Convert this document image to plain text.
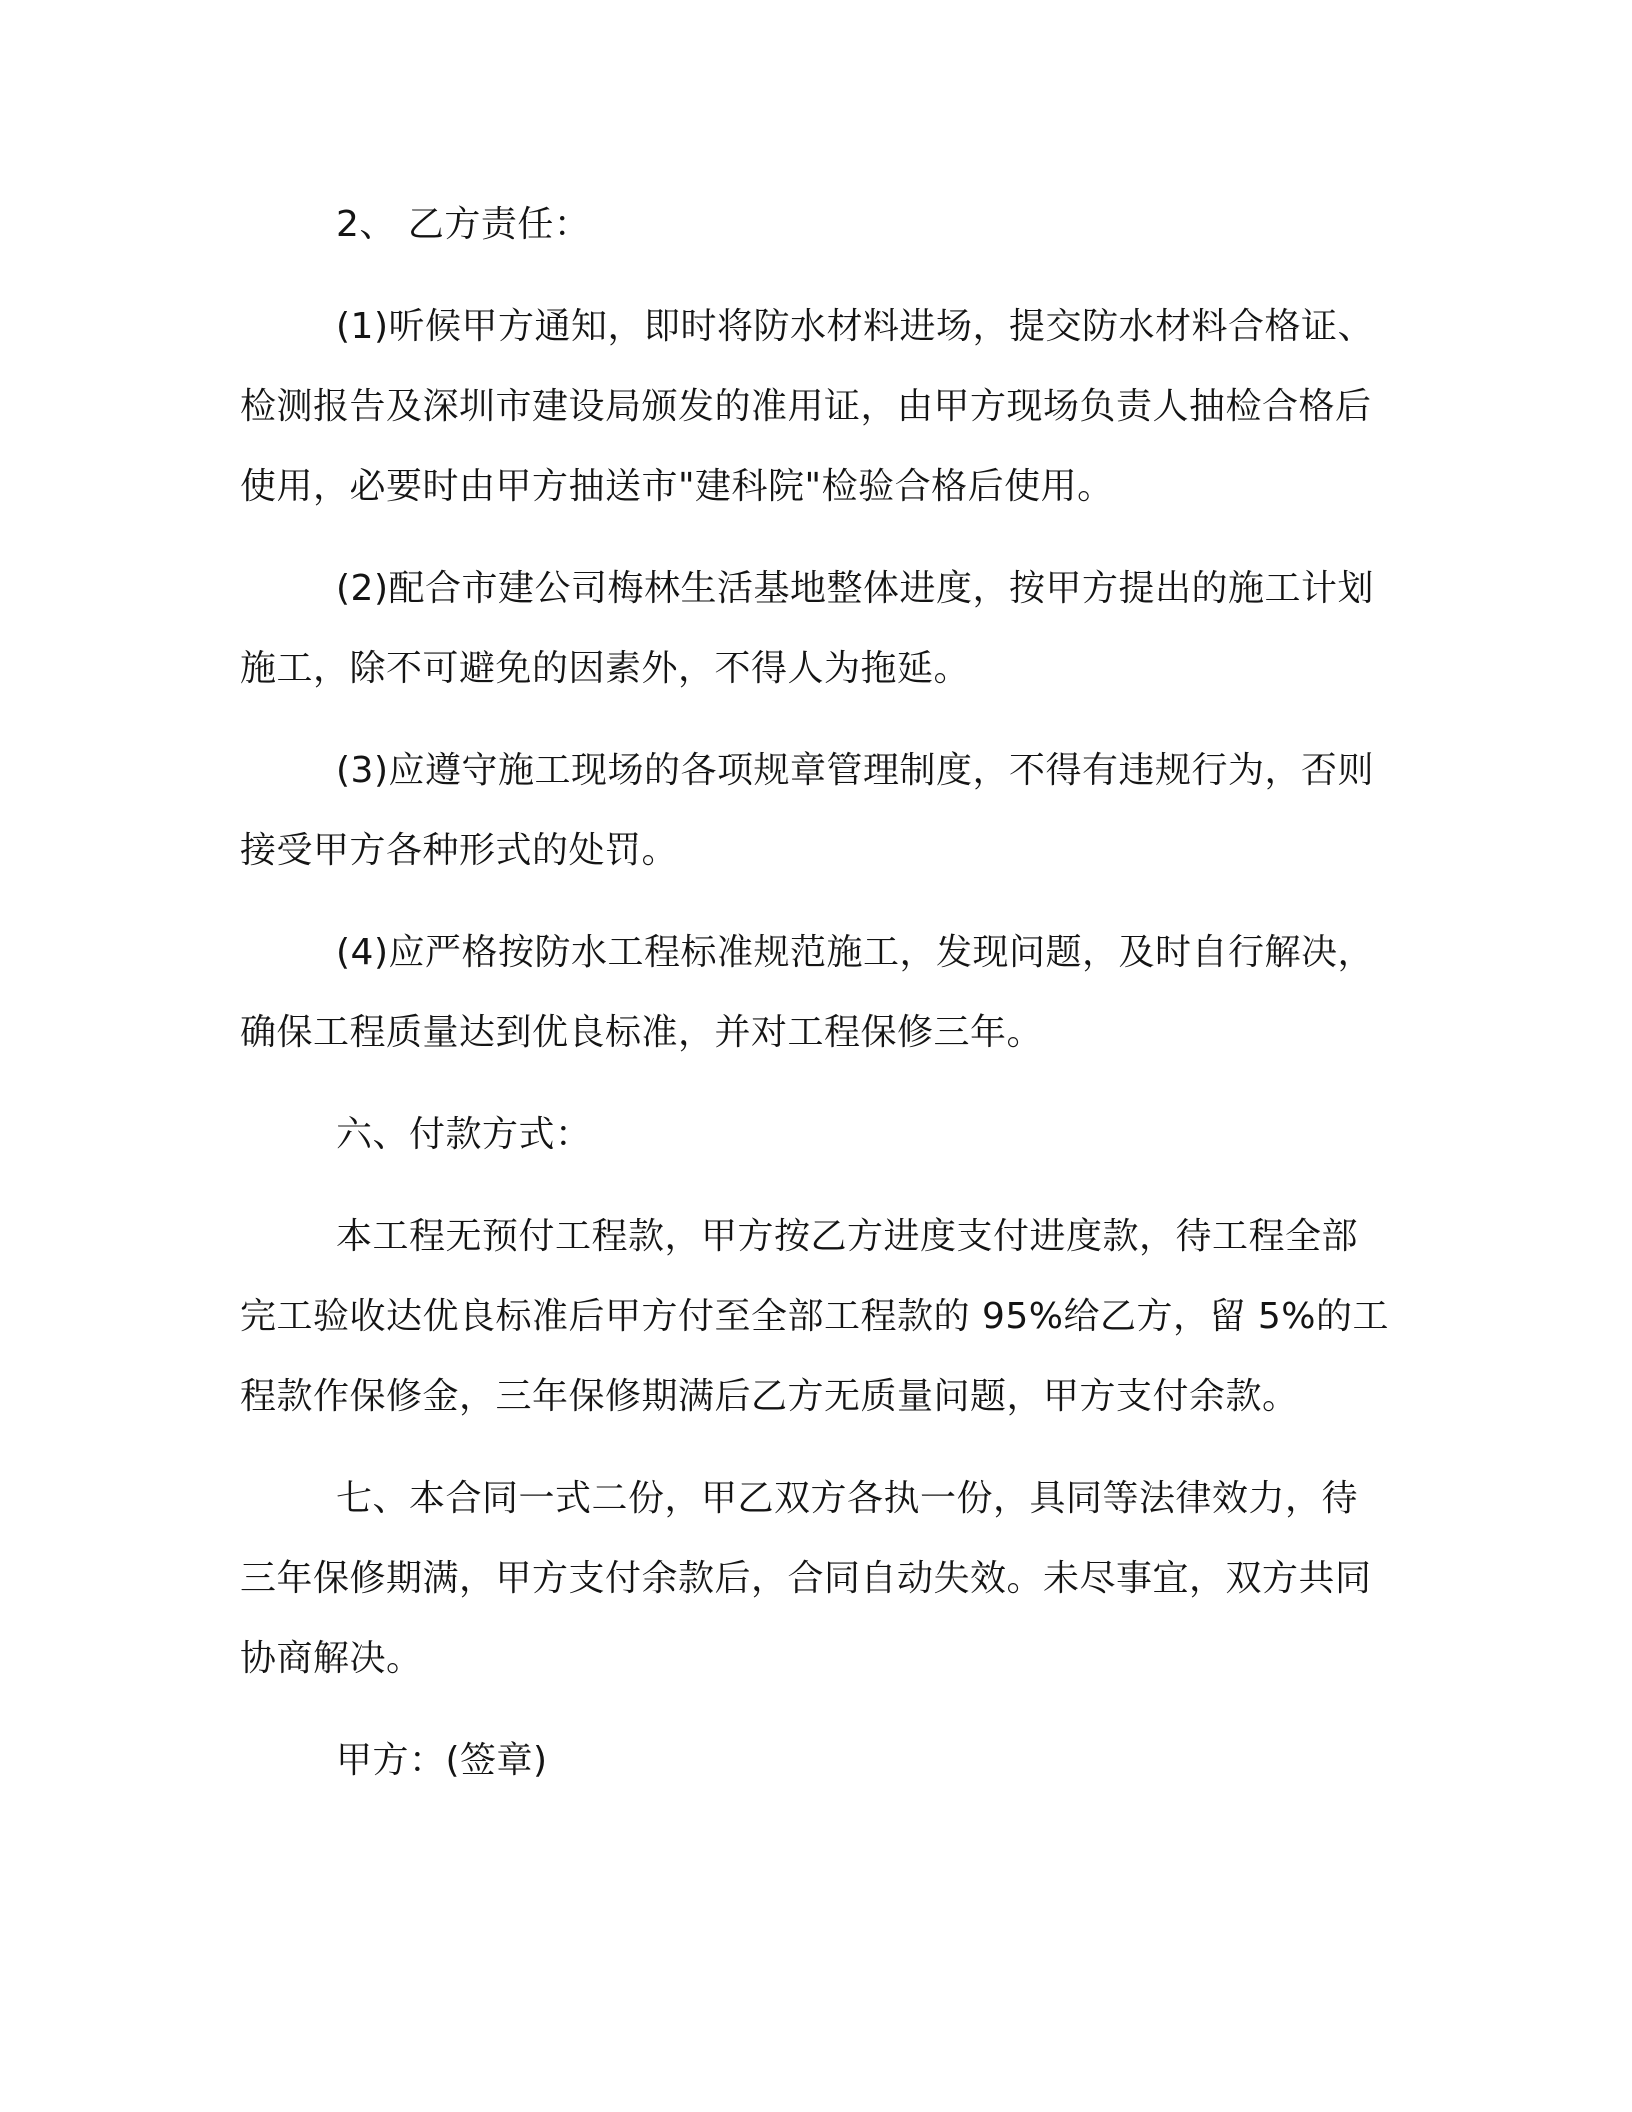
2、 乙方责任：

(1)听候甲方通知，即时将防水材料进场，提交防水材料合格证、检测报告及深圳市建设局颁发的准用证，由甲方现场负责人抽检合格后使用，必要时由甲方抽送市"建科院"检验合格后使用。

(2)配合市建公司梅林生活基地整体进度，按甲方提出的施工计划施工，除不可避免的因素外，不得人为拖延。

(3)应遵守施工现场的各项规章管理制度，不得有违规行为，否则接受甲方各种形式的处罚。

(4)应严格按防水工程标准规范施工，发现问题，及时自行解决，确保工程质量达到优良标准，并对工程保修三年。

六、付款方式：

本工程无预付工程款，甲方按乙方进度支付进度款，待工程全部完工验收达优良标准后甲方付至全部工程款的 95%给乙方，留 5%的工程款作保修金，三年保修期满后乙方无质量问题，甲方支付余款。

七、本合同一式二份，甲乙双方各执一份，具同等法律效力，待三年保修期满，甲方支付余款后，合同自动失效。未尽事宜，双方共同协商解决。

甲方：(签章)
